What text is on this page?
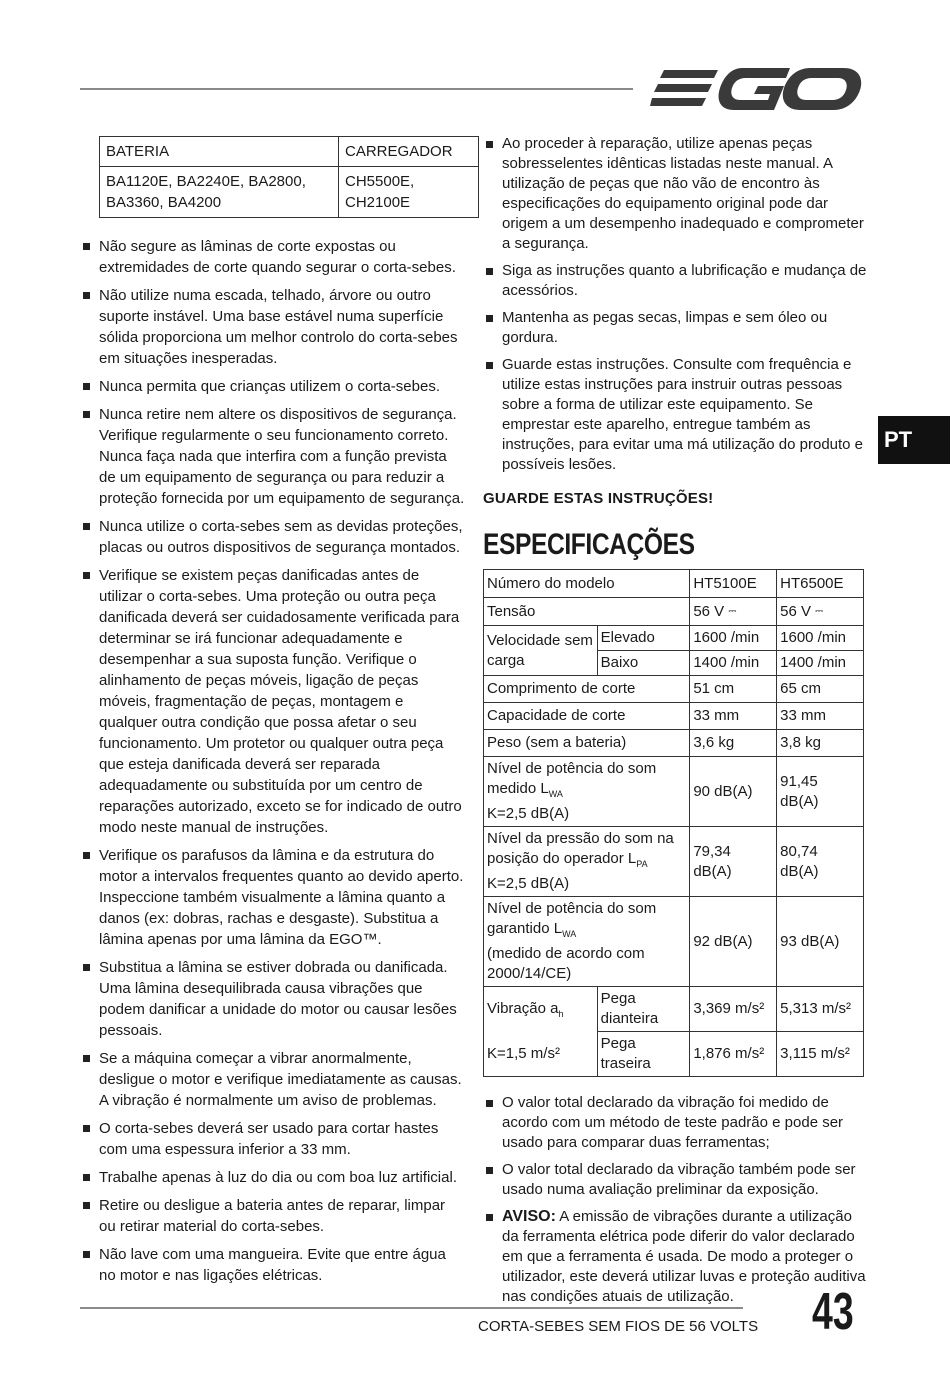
PT
BATERIA	CARREGADOR
BA1120E, BA2240E, BA2800, BA3360, BA4200	CH5500E, CH2100E
Não segure as lâminas de corte expostas ou extremidades de corte quando segurar o corta-sebes.
Não utilize numa escada, telhado, árvore ou outro suporte instável. Uma base estável numa superfície sólida proporciona um melhor controlo do corta-sebes em situações inesperadas.
Nunca permita que crianças utilizem o corta-sebes.
Nunca retire nem altere os dispositivos de segurança. Verifique regularmente o seu funcionamento correto. Nunca faça nada que interfira com a função prevista de um equipamento de segurança ou para reduzir a proteção fornecida por um equipamento de segurança.
Nunca utilize o corta-sebes sem as devidas proteções, placas ou outros dispositivos de segurança montados.
Verifique se existem peças danificadas antes de utilizar o corta-sebes. Uma proteção ou outra peça danificada deverá ser cuidadosamente verificada para determinar se irá funcionar adequadamente e desempenhar a sua suposta função. Verifique o alinhamento de peças móveis, ligação de peças móveis, fragmentação de peças, montagem e qualquer outra condição que possa afetar o seu funcionamento. Um protetor ou qualquer outra peça que esteja danificada deverá ser reparada adequadamente ou substituída por um centro de reparações autorizado, exceto se for indicado de outro modo neste manual de instruções.
Verifique os parafusos da lâmina e da estrutura do motor a intervalos frequentes quanto ao devido aperto. Inspeccione também visualmente a lâmina quanto a danos (ex: dobras, rachas e desgaste). Substitua a lâmina apenas por uma lâmina da EGO™.
Substitua a lâmina se estiver dobrada ou danificada. Uma lâmina desequilibrada causa vibrações que podem danificar a unidade do motor ou causar lesões pessoais.
Se a máquina começar a vibrar anormalmente, desligue o motor e verifique imediatamente as causas. A vibração é normalmente um aviso de problemas.
O corta-sebes deverá ser usado para cortar hastes com uma espessura inferior a 33 mm.
Trabalhe apenas à luz do dia ou com boa luz artificial.
Retire ou desligue a bateria antes de reparar, limpar ou retirar material do corta-sebes.
Não lave com uma mangueira. Evite que entre água no motor e nas ligações elétricas.
Ao proceder à reparação, utilize apenas peças sobresselentes idênticas listadas neste manual. A utilização de peças que não vão de encontro às especificações do equipamento original pode dar origem a um desempenho inadequado e comprometer a segurança.
Siga as instruções quanto a lubrificação e mudança de acessórios.
Mantenha as pegas secas, limpas e sem óleo ou gordura.
Guarde estas instruções. Consulte com frequência e utilize estas instruções para instruir outras pessoas sobre a forma de utilizar este equipamento. Se emprestar este aparelho, entregue também as instruções, para evitar uma má utilização do produto e possíveis lesões.
GUARDE ESTAS INSTRUÇÕES!
ESPECIFICAÇÕES
Número do modelo		HT5100E	HT6500E
Tensão		56 V ⎓	56 V ⎓
Velocidade sem carga	Elevado	1600 /min	1600 /min
	Baixo	1400 /min	1400 /min
Comprimento de corte		51 cm	65 cm
Capacidade de corte		33 mm	33 mm
Peso (sem a bateria)		3,6 kg	3,8 kg
Nível de potência do som medido $L_{WA}$
K=2,5 dB(A)		90 dB(A)	91,45 dB(A)
Nível da pressão do som na posição do operador $L_{PA}$
K=2,5 dB(A)		79,34 dB(A)	80,74 dB(A)
Nível de potência do som garantido $L_{WA}$
(medido de acordo com 2000/14/CE)		92 dB(A)	93 dB(A)
Vibração $a_h$

K=1,5 m/s²	Pega dianteira	3,369 m/s²	5,313 m/s²
	Pega traseira	1,876 m/s²	3,115 m/s²
O valor total declarado da vibração foi medido de acordo com um método de teste padrão e pode ser usado para comparar duas ferramentas;
O valor total declarado da vibração também pode ser usado numa avaliação preliminar da exposição.
AVISO: A emissão de vibrações durante a utilização da ferramenta elétrica pode diferir do valor declarado em que a ferramenta é usada. De modo a proteger o utilizador, este deverá utilizar luvas e proteção auditiva nas condições atuais de utilização.
CORTA-SEBES SEM FIOS DE 56 VOLTS 43
